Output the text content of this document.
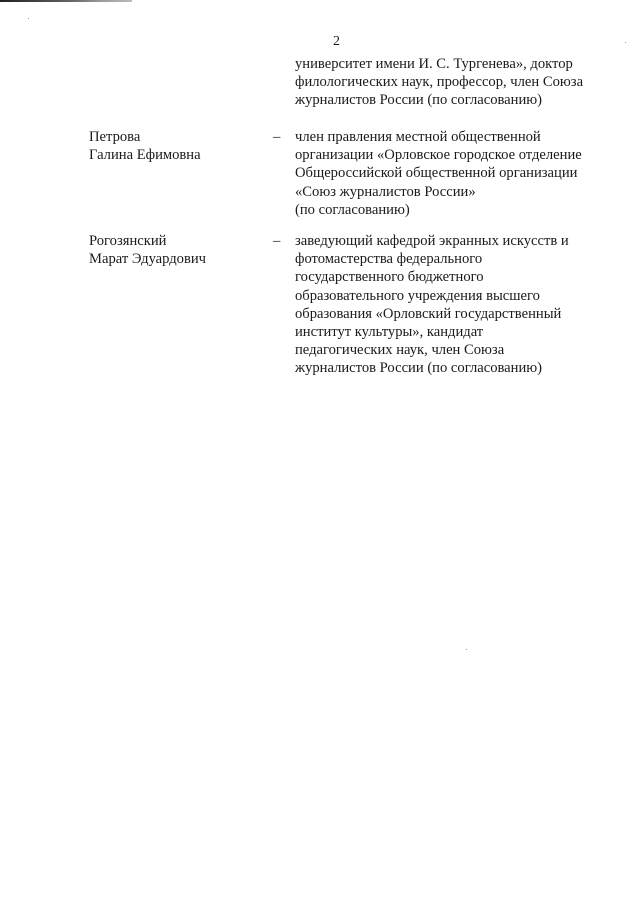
2
университет имени И. С. Тургенева», доктор
филологических наук, профессор, член Союза
журналистов России (по согласованию)
Петрова
Галина Ефимовна
– член правления местной общественной
организации «Орловское городское отделение
Общероссийской общественной организации
«Союз журналистов России»
(по согласованию)
Рогозянский
Марат Эдуардович
– заведующий кафедрой экранных искусств и
фотомастерства федерального
государственного бюджетного
образовательного учреждения высшего
образования «Орловский государственный
институт культуры», кандидат
педагогических наук, член Союза
журналистов России (по согласованию)
